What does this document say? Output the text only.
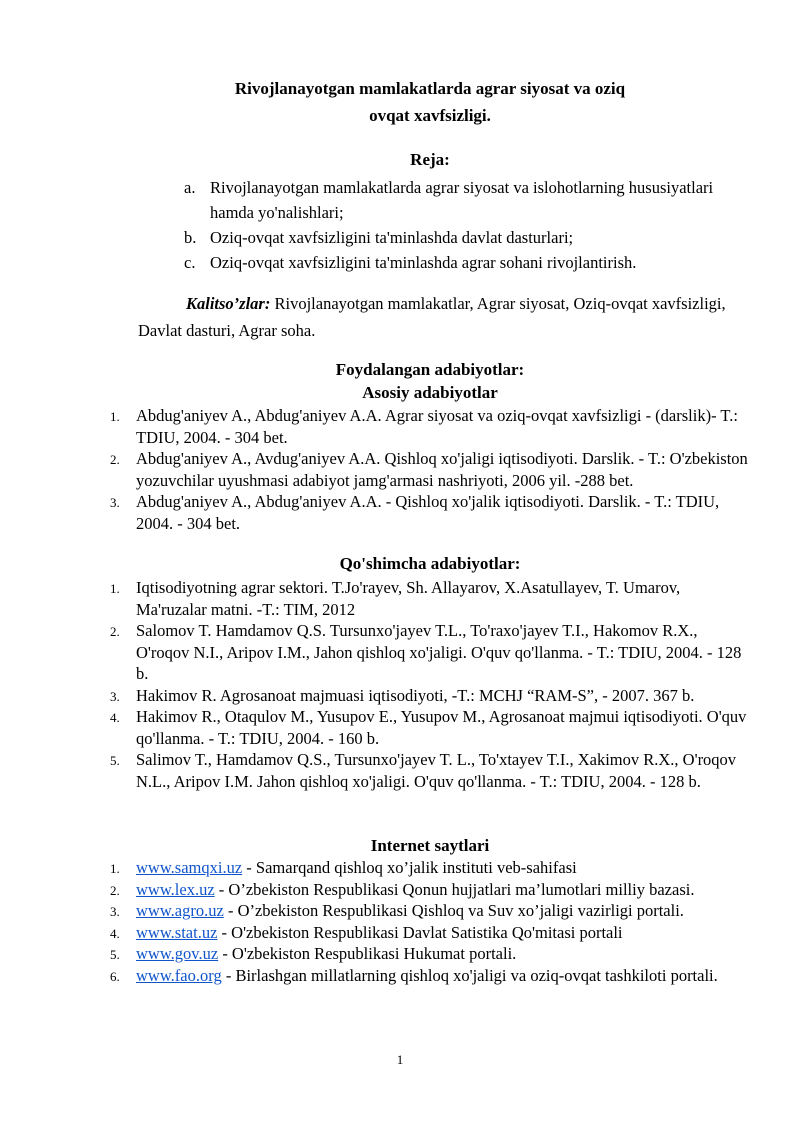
Rivojlanayotgan mamlakatlarda agrar siyosat va oziq
ovqat xavfsizligi.
Reja:
a. Rivojlanayotgan mamlakatlarda agrar siyosat va islohotlarning hususiyatlari hamda yo'nalishlari;
b. Oziq-ovqat xavfsizligini ta'minlashda davlat dasturlari;
c. Oziq-ovqat xavfsizligini ta'minlashda agrar sohani rivojlantirish.
Kalitso’zlar: Rivojlanayotgan mamlakatlar, Agrar siyosat, Oziq-ovqat xavfsizligi, Davlat dasturi, Agrar soha.
Foydalangan adabiyotlar:
Asosiy adabiyotlar
1. Abdug'aniyev A., Abdug'aniyev A.A. Agrar siyosat va oziq-ovqat xavfsizligi - (darslik)- T.: TDIU, 2004. - 304 bet.
2. Abdug'aniyev A., Avdug'aniyev A.A. Qishloq xo'jaligi iqtisodiyoti. Darslik. - T.: O'zbekiston yozuvchilar uyushmasi adabiyot jamg'armasi nashriyoti, 2006 yil. -288 bet.
3. Abdug'aniyev A., Abdug'aniyev A.A. - Qishloq xo'jalik iqtisodiyoti. Darslik. - T.: TDIU, 2004. - 304 bet.
Qo'shimcha adabiyotlar:
1. Iqtisodiyotning agrar sektori. T.Jo'rayev, Sh. Allayarov, X.Asatullayev, T. Umarov, Ma'ruzalar matni. -T.: TIM, 2012
2. Salomov T. Hamdamov Q.S. Tursunxo'jayev T.L., To'raxo'jayev T.I., Hakomov R.X., O'roqov N.I., Aripov I.M., Jahon qishloq xo'jaligi. O'quv qo'llanma. - T.: TDIU, 2004. - 128 b.
3. Hakimov R. Agrosanoat majmuasi iqtisodiyoti, -T.: MCHJ “RAM-S”, - 2007. 367 b.
4. Hakimov R., Otaqulov M., Yusupov E., Yusupov M., Agrosanoat majmui iqtisodiyoti. O'quv qo'llanma. - T.: TDIU, 2004. - 160 b.
5. Salimov T., Hamdamov Q.S., Tursunxo'jayev T. L., To'xtayev T.I., Xakimov R.X., O'roqov N.L., Aripov I.M. Jahon qishloq xo'jaligi. O'quv qo'llanma. - T.: TDIU, 2004. - 128 b.
Internet saytlari
1. www.samqxi.uz - Samarqand qishloq xo’jalik instituti veb-sahifasi
2. www.lex.uz - O’zbekiston Respublikasi Qonun hujjatlari ma’lumotlari milliy bazasi.
3. www.agro.uz - O’zbekiston Respublikasi Qishloq va Suv xo’jaligi vazirligi portali.
4. www.stat.uz - O'zbekiston Respublikasi Davlat Satistika Qo'mitasi portali
5. www.gov.uz - O'zbekiston Respublikasi Hukumat portali.
6. www.fao.org - Birlashgan millatlarning qishloq xo'jaligi va oziq-ovqat tashkiloti portali.
1
